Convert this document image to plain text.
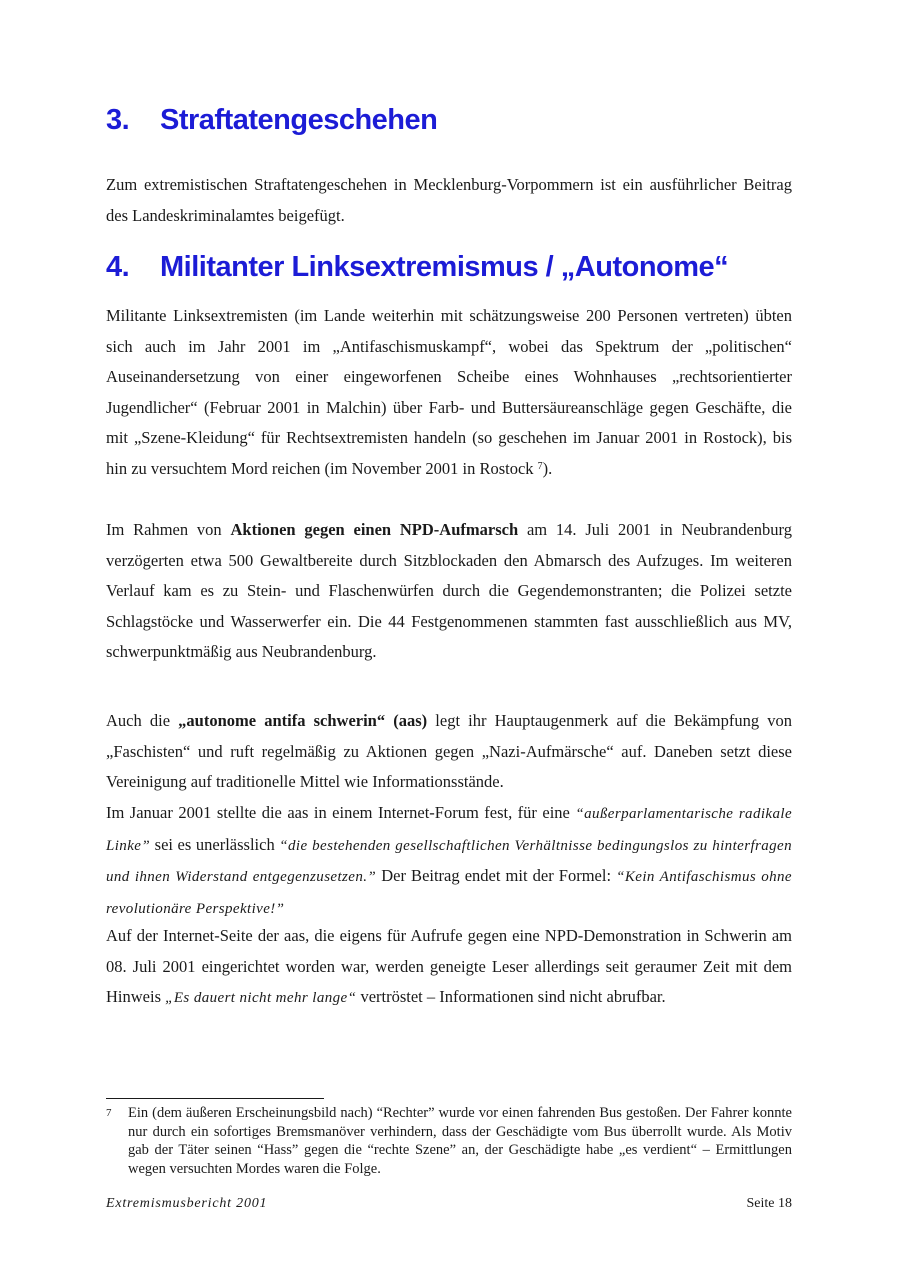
3. Straftatengeschehen
Zum extremistischen Straftatengeschehen in Mecklenburg-Vorpommern ist ein ausführlicher Beitrag des Landeskriminalamtes beigefügt.
4. Militanter Linksextremismus / „Autonome“
Militante Linksextremisten (im Lande weiterhin mit schätzungsweise 200 Personen vertreten) übten sich auch im Jahr 2001 im „Antifaschismuskampf“, wobei das Spektrum der „politischen“ Auseinandersetzung von einer eingeworfenen Scheibe eines Wohnhauses „rechtsorientierter Jugendlicher“ (Februar 2001 in Malchin) über Farb- und Buttersäureanschläge gegen Geschäfte, die mit „Szene-Kleidung“ für Rechtsextremisten handeln (so geschehen im Januar 2001 in Rostock), bis hin zu versuchtem Mord reichen (im November 2001 in Rostock $^7$).
Im Rahmen von Aktionen gegen einen NPD-Aufmarsch am 14. Juli 2001 in Neubrandenburg verzögerten etwa 500 Gewaltbereite durch Sitzblockaden den Abmarsch des Aufzuges. Im weiteren Verlauf kam es zu Stein- und Flaschenwürfen durch die Gegendemonstranten; die Polizei setzte Schlagstöcke und Wasserwerfer ein. Die 44 Festgenommenen stammten fast ausschließlich aus MV, schwerpunktmäßig aus Neubrandenburg.
Auch die „autonome antifa schwerin“ (aas) legt ihr Hauptaugenmerk auf die Bekämpfung von „Faschisten“ und ruft regelmäßig zu Aktionen gegen „Nazi-Aufmärsche“ auf. Daneben setzt diese Vereinigung auf traditionelle Mittel wie Informationsstände.
Im Januar 2001 stellte die aas in einem Internet-Forum fest, für eine “außerparlamentarische radikale Linke” sei es unerlässlich “die bestehenden gesellschaftlichen Verhältnisse bedingungslos zu hinterfragen und ihnen Widerstand entgegenzusetzen.” Der Beitrag endet mit der Formel: “Kein Antifaschismus ohne revolutionäre Perspektive!”
Auf der Internet-Seite der aas, die eigens für Aufrufe gegen eine NPD-Demonstration in Schwerin am 08. Juli 2001 eingerichtet worden war, werden geneigte Leser allerdings seit geraumer Zeit mit dem Hinweis „Es dauert nicht mehr lange“ vertröstet – Informationen sind nicht abrufbar.
7 Ein (dem äußeren Erscheinungsbild nach) “Rechter” wurde vor einen fahrenden Bus gestoßen. Der Fahrer konnte nur durch ein sofortiges Bremsmanöver verhindern, dass der Geschädigte vom Bus überrollt wurde. Als Motiv gab der Täter seinen “Hass” gegen die “rechte Szene” an, der Geschädigte habe „es verdient“ – Ermittlungen wegen versuchten Mordes waren die Folge.
Extremismusbericht 2001	Seite 18
